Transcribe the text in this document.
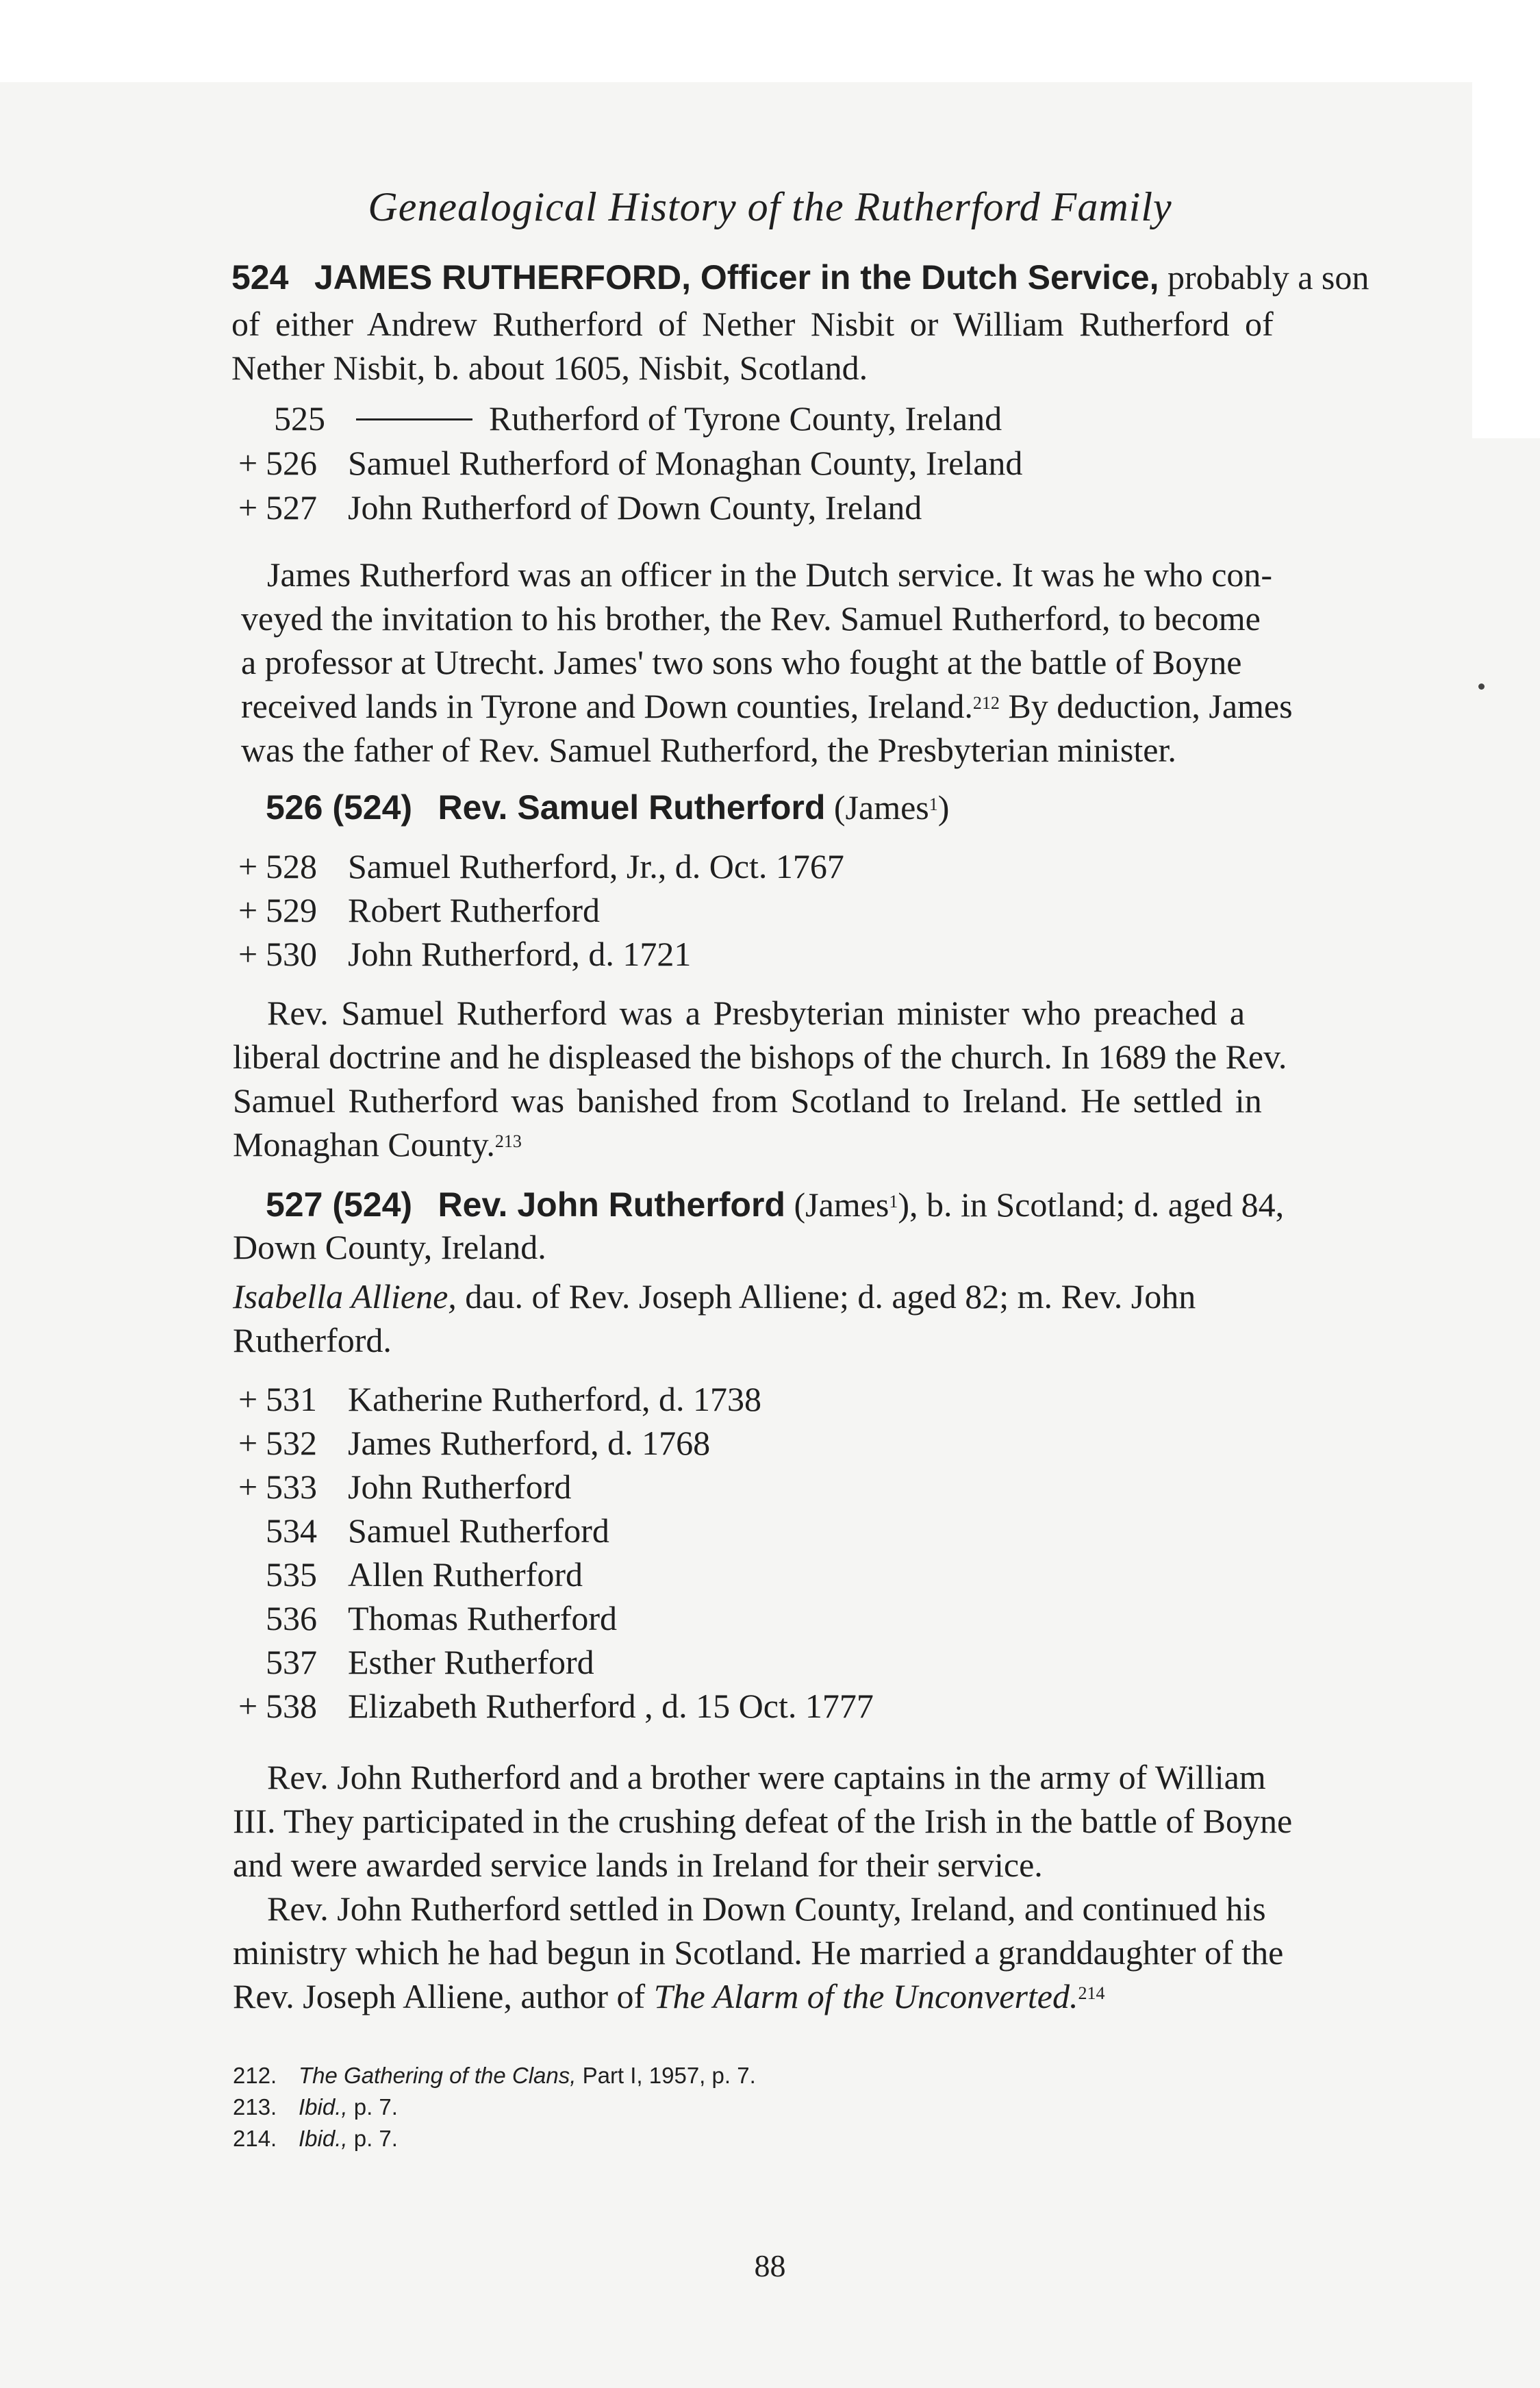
Genealogical History of the Rutherford Family
524 JAMES RUTHERFORD, Officer in the Dutch Service, probably a son
of either Andrew Rutherford of Nether Nisbit or William Rutherford of
Nether Nisbit, b. about 1605, Nisbit, Scotland.
525	Rutherford of Tyrone County, Ireland
+ 526 Samuel Rutherford of Monaghan County, Ireland
+ 527 John Rutherford of Down County, Ireland
James Rutherford was an officer in the Dutch service. It was he who con-
veyed the invitation to his brother, the Rev. Samuel Rutherford, to become
a professor at Utrecht. James' two sons who fought at the battle of Boyne
received lands in Tyrone and Down counties, Ireland.$^{212}$ By deduction, James
was the father of Rev. Samuel Rutherford, the Presbyterian minister.
526 (524) Rev. Samuel Rutherford (James$^1$)
+ 528 Samuel Rutherford, Jr., d. Oct. 1767
+ 529 Robert Rutherford
+ 530 John Rutherford, d. 1721
Rev. Samuel Rutherford was a Presbyterian minister who preached a
liberal doctrine and he displeased the bishops of the church. In 1689 the Rev.
Samuel Rutherford was banished from Scotland to Ireland. He settled in
Monaghan County.$^{213}$
527 (524) Rev. John Rutherford (James$^1$), b. in Scotland; d. aged 84,
Down County, Ireland.
Isabella Alliene, dau. of Rev. Joseph Alliene; d. aged 82; m. Rev. John
Rutherford.
+ 531 Katherine Rutherford, d. 1738
+ 532 James Rutherford, d. 1768
+ 533 John Rutherford
534 Samuel Rutherford
535 Allen Rutherford
536 Thomas Rutherford
537 Esther Rutherford
+ 538 Elizabeth Rutherford , d. 15 Oct. 1777
Rev. John Rutherford and a brother were captains in the army of William
III. They participated in the crushing defeat of the Irish in the battle of Boyne
and were awarded service lands in Ireland for their service.
Rev. John Rutherford settled in Down County, Ireland, and continued his
ministry which he had begun in Scotland. He married a granddaughter of the
Rev. Joseph Alliene, author of The Alarm of the Unconverted.$^{214}$
212. The Gathering of the Clans, Part I, 1957, p. 7.
213. Ibid., p. 7.
214. Ibid., p. 7.
88
